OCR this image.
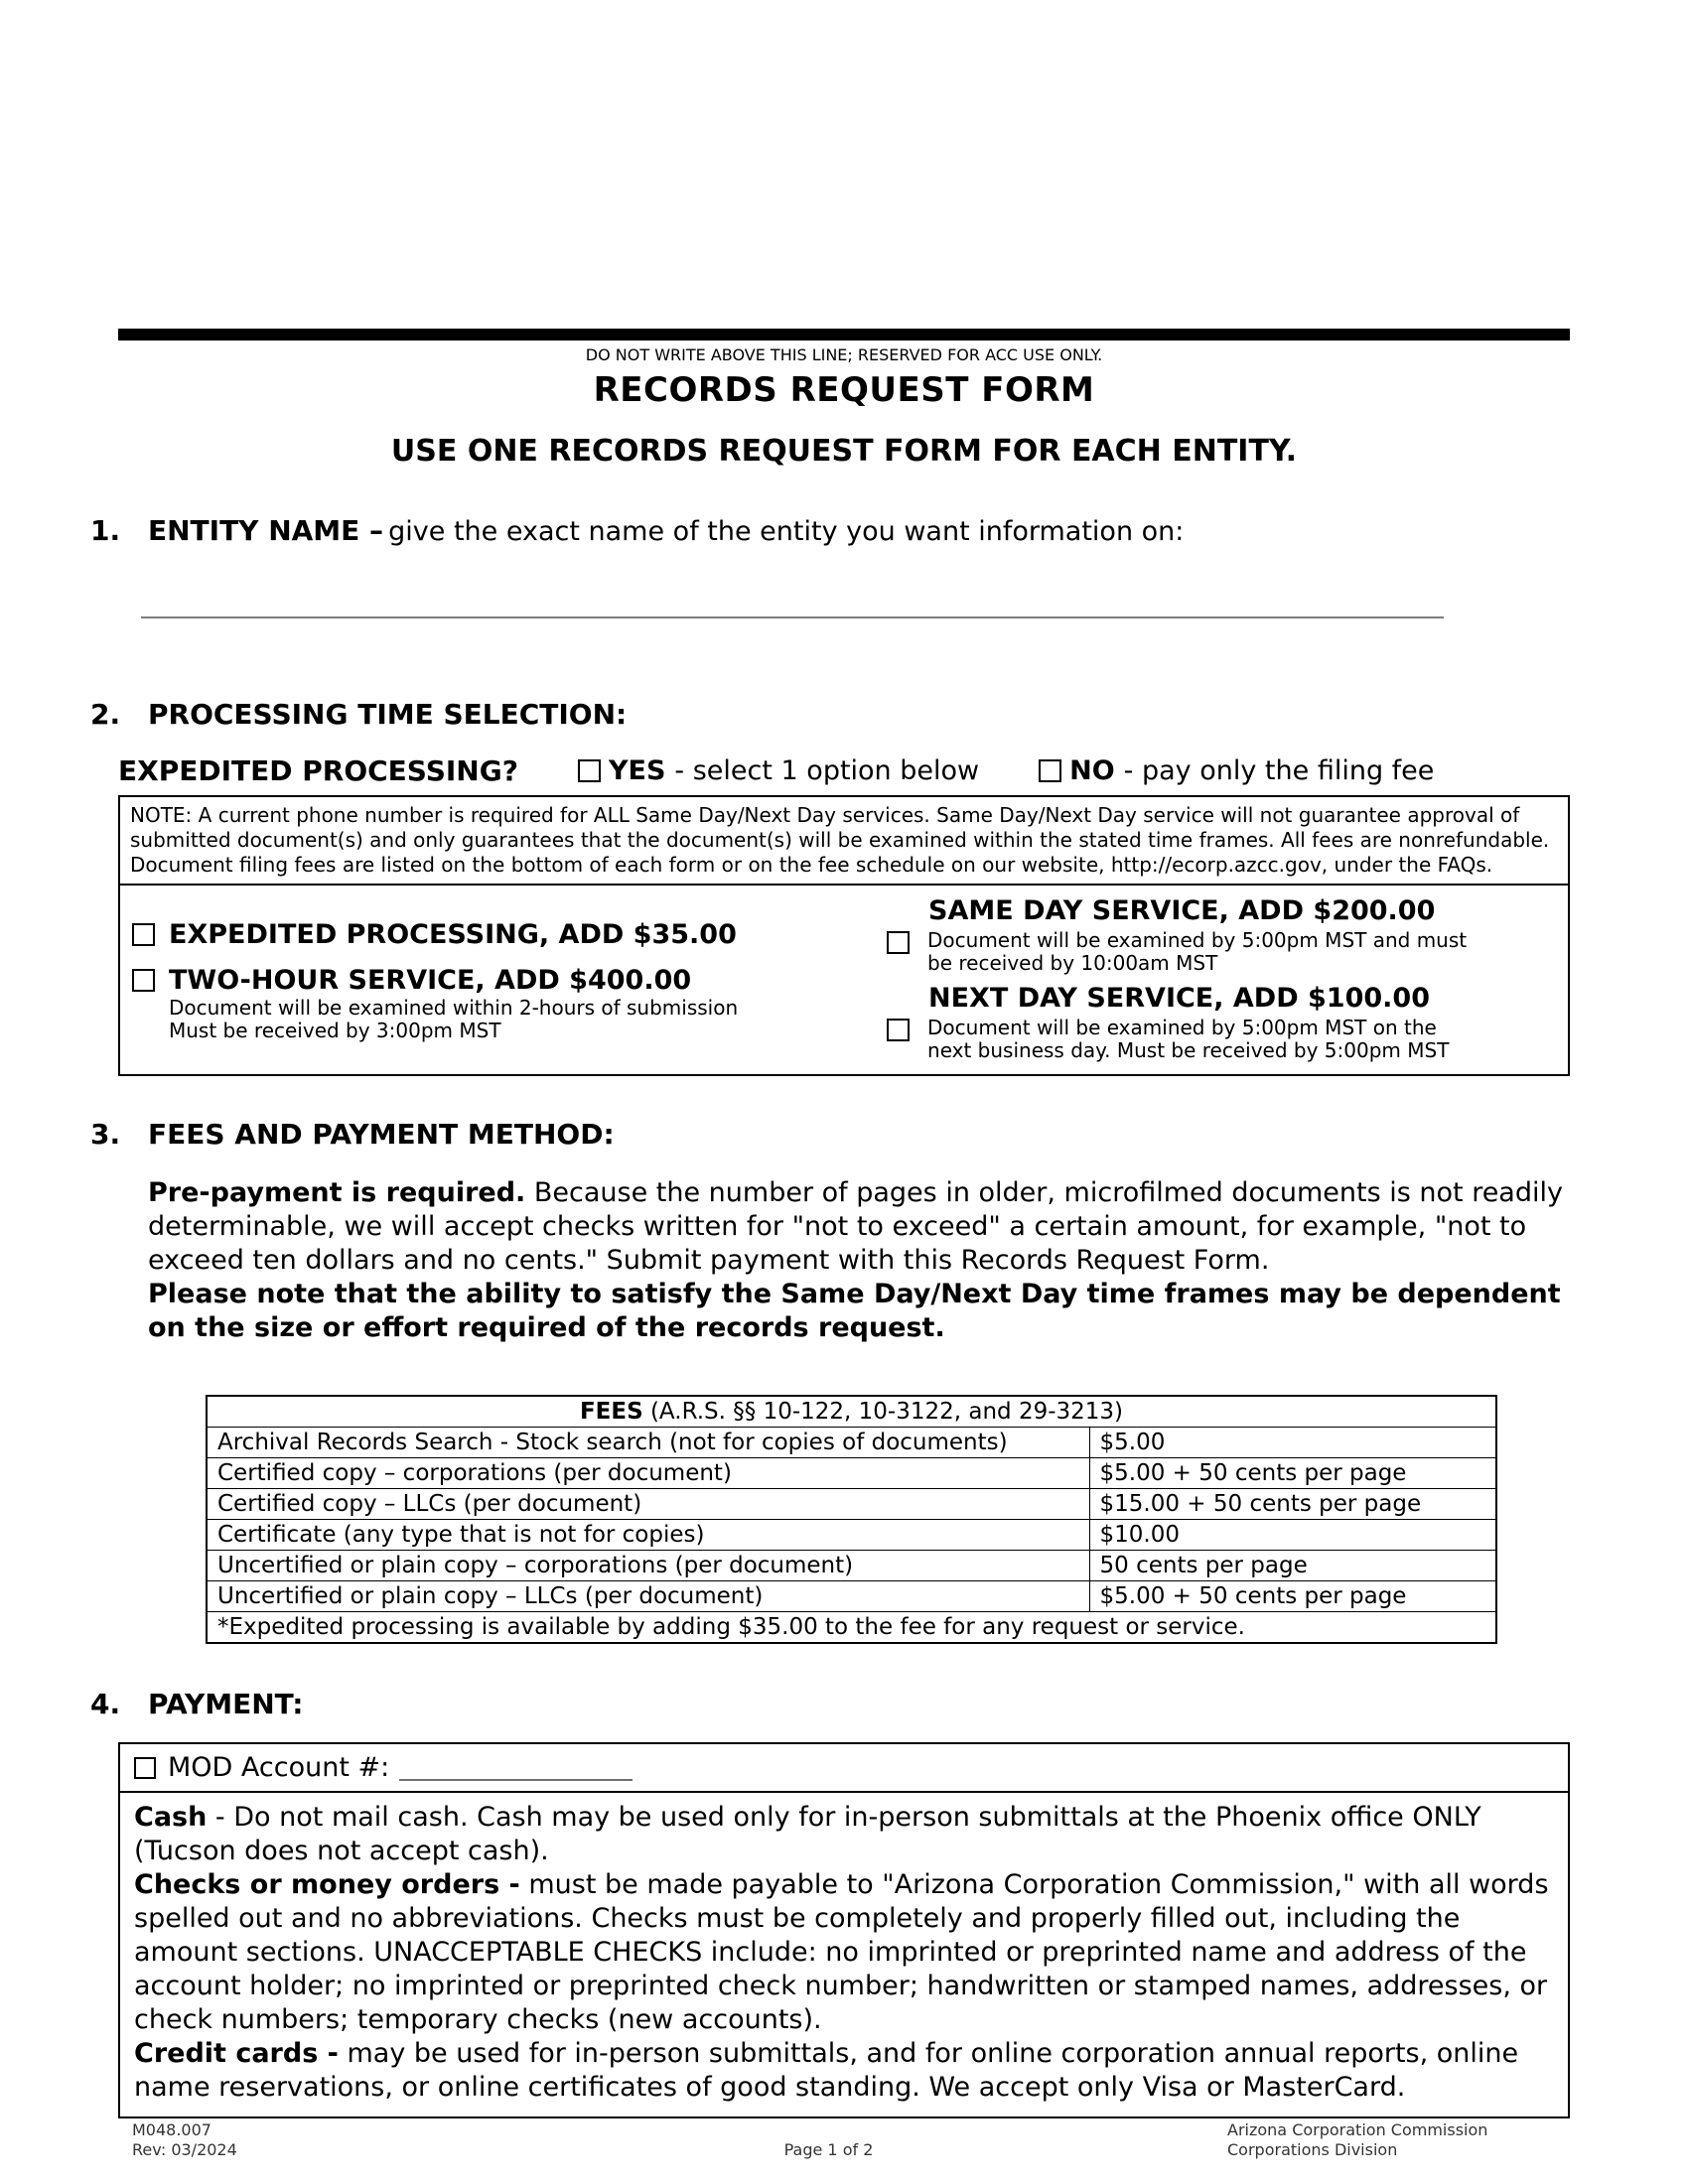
DO NOT WRITE ABOVE THIS LINE; RESERVED FOR ACC USE ONLY.
RECORDS REQUEST FORM
USE ONE RECORDS REQUEST FORM FOR EACH ENTITY.
1. ENTITY NAME – give the exact name of the entity you want information on:
2. PROCESSING TIME SELECTION:
EXPEDITED PROCESSING?	YES - select 1 option below	NO - pay only the filing fee
NOTE: A current phone number is required for ALL Same Day/Next Day services. Same Day/Next Day service will not guarantee approval of submitted document(s) and only guarantees that the document(s) will be examined within the stated time frames. All fees are nonrefundable. Document filing fees are listed on the bottom of each form or on the fee schedule on our website, http://ecorp.azcc.gov, under the FAQs.
EXPEDITED PROCESSING, ADD $35.00
TWO-HOUR SERVICE, ADD $400.00
Document will be examined within 2-hours of submission
Must be received by 3:00pm MST
SAME DAY SERVICE, ADD $200.00
Document will be examined by 5:00pm MST and must
be received by 10:00am MST
NEXT DAY SERVICE, ADD $100.00
Document will be examined by 5:00pm MST on the
next business day. Must be received by 5:00pm MST
3. FEES AND PAYMENT METHOD:
Pre-payment is required. Because the number of pages in older, microfilmed documents is not readily determinable, we will accept checks written for "not to exceed" a certain amount, for example, "not to exceed ten dollars and no cents." Submit payment with this Records Request Form.
Please note that the ability to satisfy the Same Day/Next Day time frames may be dependent on the size or effort required of the records request.
FEES (A.R.S. §§ 10-122, 10-3122, and 29-3213)	
Archival Records Search - Stock search (not for copies of documents)	$5.00
Certified copy – corporations (per document)	$5.00 + 50 cents per page
Certified copy – LLCs (per document)	$15.00 + 50 cents per page
Certificate (any type that is not for copies)	$10.00
Uncertified or plain copy – corporations (per document)	50 cents per page
Uncertified or plain copy – LLCs (per document)	$5.00 + 50 cents per page
*Expedited processing is available by adding $35.00 to the fee for any request or service.	
4. PAYMENT:
MOD Account #:

Cash - Do not mail cash. Cash may be used only for in-person submittals at the Phoenix office ONLY (Tucson does not accept cash).

Checks or money orders - must be made payable to "Arizona Corporation Commission," with all words spelled out and no abbreviations. Checks must be completely and properly filled out, including the amount sections. UNACCEPTABLE CHECKS include: no imprinted or preprinted name and address of the account holder; no imprinted or preprinted check number; handwritten or stamped names, addresses, or check numbers; temporary checks (new accounts).

Credit cards - may be used for in-person submittals, and for online corporation annual reports, online name reservations, or online certificates of good standing. We accept only Visa or MasterCard.

M048.007
Rev: 03/2024	Page 1 of 2
Arizona Corporation Commission
Corporations Division
